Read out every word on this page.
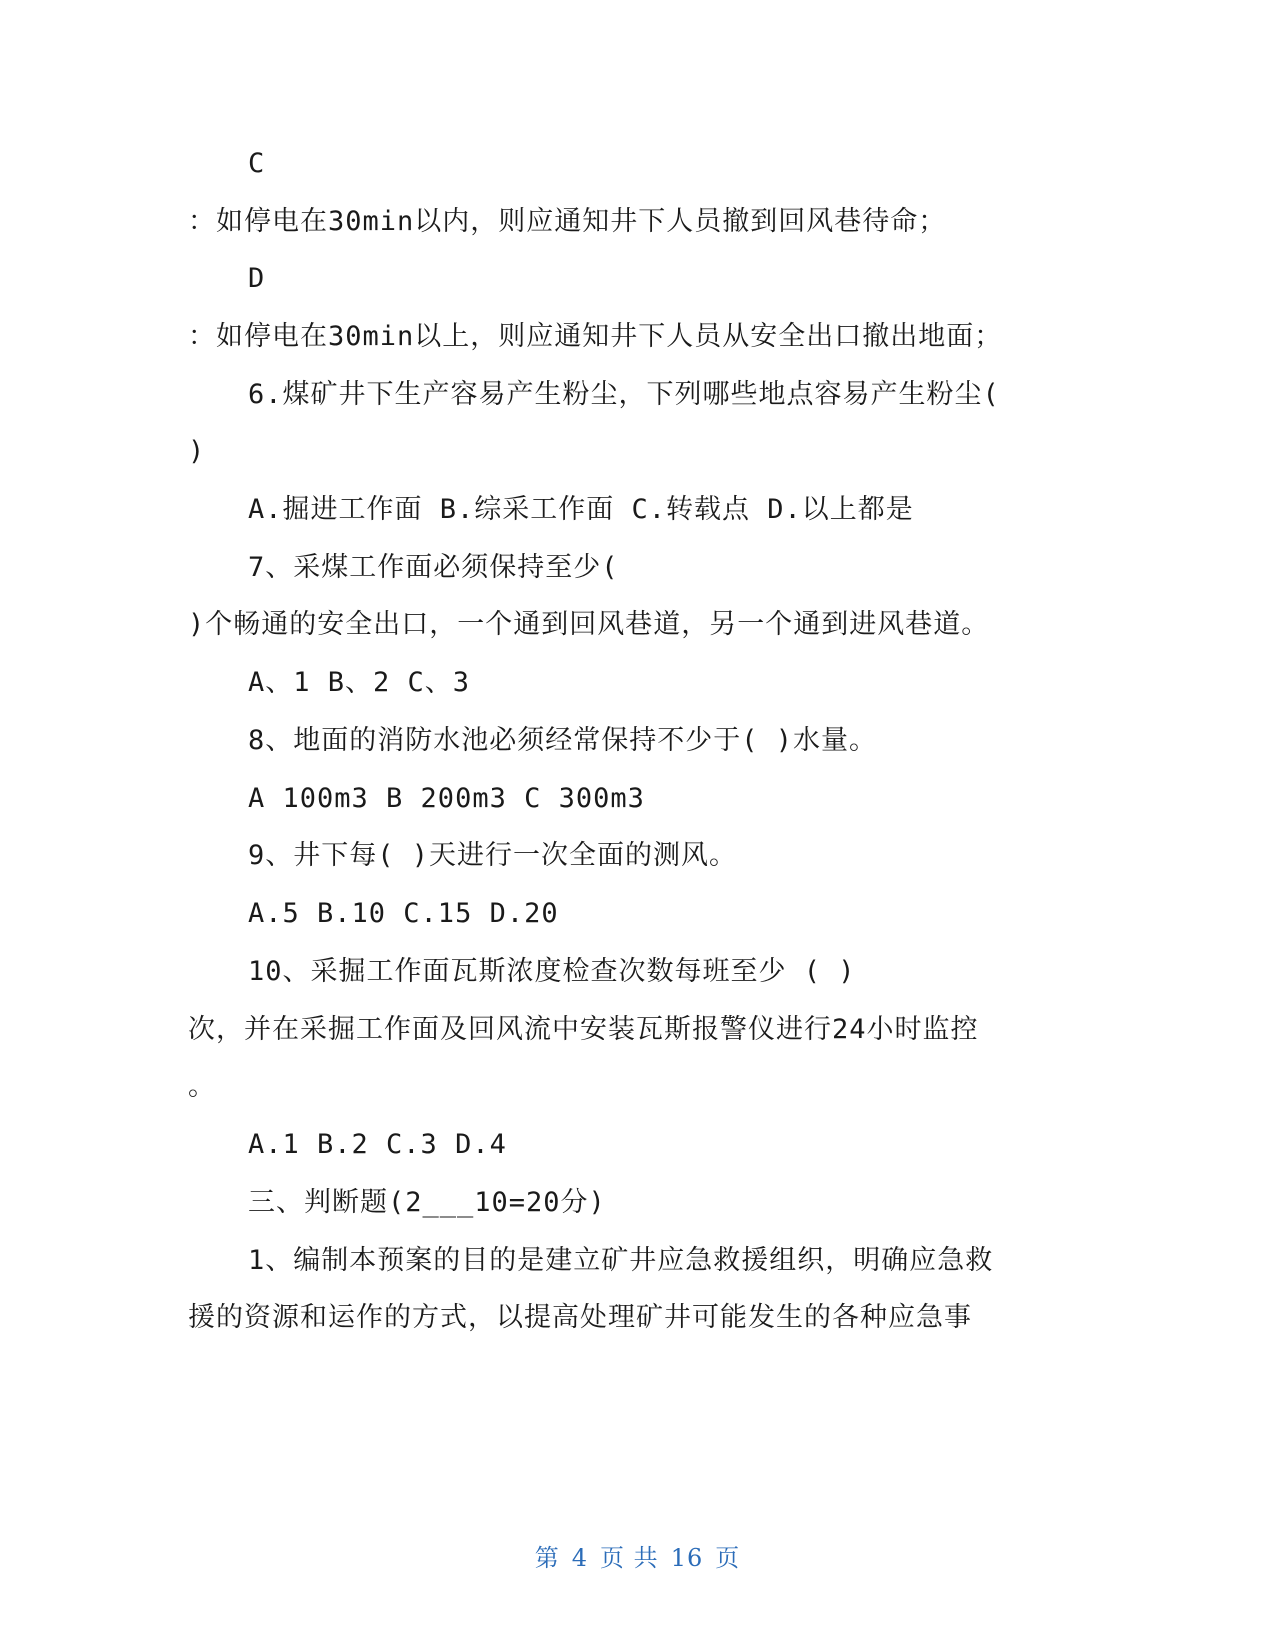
C
：如停电在30min以内，则应通知井下人员撤到回风巷待命；
D
：如停电在30min以上，则应通知井下人员从安全出口撤出地面；
6.煤矿井下生产容易产生粉尘，下列哪些地点容易产生粉尘(
)
A.掘进工作面 B.综采工作面 C.转载点 D.以上都是
7、采煤工作面必须保持至少(
)个畅通的安全出口，一个通到回风巷道，另一个通到进风巷道。
A、1 B、2 C、3
8、地面的消防水池必须经常保持不少于( )水量。
A 100m3 B 200m3 C 300m3
9、井下每( )天进行一次全面的测风。
A.5 B.10 C.15 D.20
10、采掘工作面瓦斯浓度检查次数每班至少 ( )
次，并在采掘工作面及回风流中安装瓦斯报警仪进行24小时监控
。
A.1 B.2 C.3 D.4
三、判断题(2___10=20分)
1、编制本预案的目的是建立矿井应急救援组织，明确应急救
援的资源和运作的方式，以提高处理矿井可能发生的各种应急事
第 4 页 共 16 页
